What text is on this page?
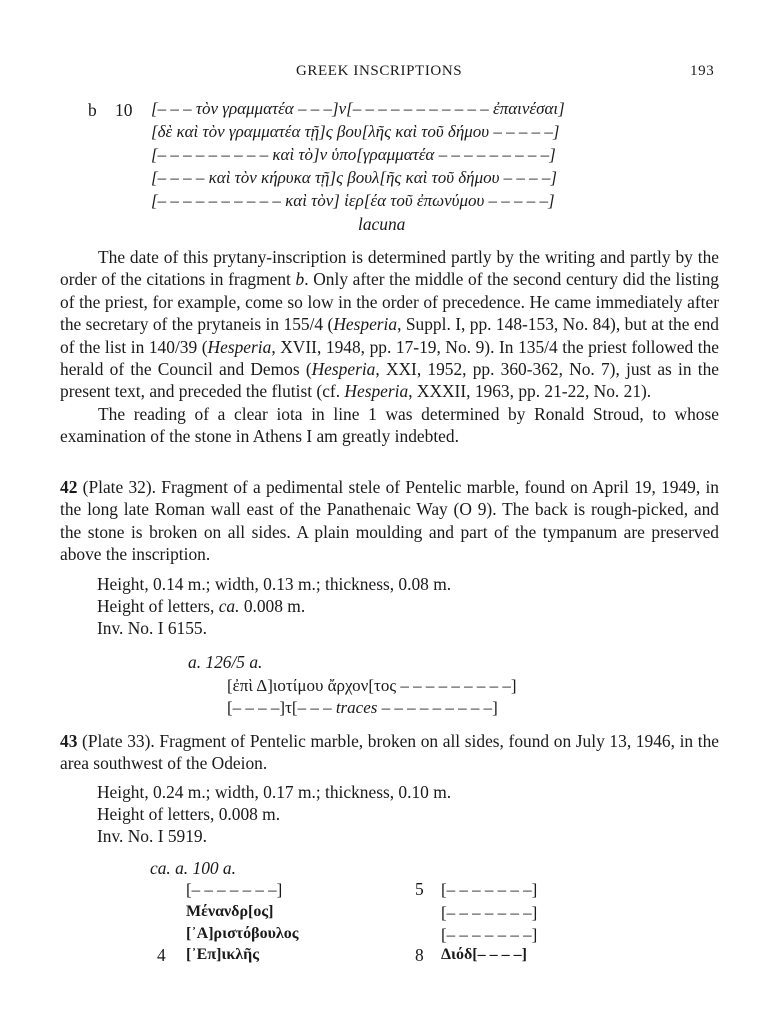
GREEK INSCRIPTIONS	193
b 10 [– – – τὸν γραμματέα – – –]ν[– – – – – – – – – – – ἐπαινέσαι]
[δὲ καὶ τὸν γραμματέα τῇ]ς βου[λῆς καὶ τοῦ δήμου – – – – –]
[– – – – – – – – – καὶ τὸ]ν ὑπο[γραμματέα – – – – – – – – –]
[– – – – καὶ τὸν κήρυκα τῇ]ς βουλ[ῆς καὶ τοῦ δήμου – – – –]
[– – – – – – – – – – καὶ τὸν] ἱερ[έα τοῦ ἐπωνύμου – – – – –]
lacuna

The date of this prytany-inscription is determined partly by the writing and partly by the order of the citations in fragment b. Only after the middle of the second century did the listing of the priest, for example, come so low in the order of precedence. He came immediately after the secretary of the prytaneis in 155/4 (Hesperia, Suppl. I, pp. 148-153, No. 84), but at the end of the list in 140/39 (Hesperia, XVII, 1948, pp. 17-19, No. 9). In 135/4 the priest followed the herald of the Council and Demos (Hesperia, XXI, 1952, pp. 360-362, No. 7), just as in the present text, and preceded the flutist (cf. Hesperia, XXXII, 1963, pp. 21-22, No. 21).

The reading of a clear iota in line 1 was determined by Ronald Stroud, to whose examination of the stone in Athens I am greatly indebted.

42 (Plate 32). Fragment of a pedimental stele of Pentelic marble, found on April 19, 1949, in the long late Roman wall east of the Panathenaic Way (O 9). The back is rough-picked, and the stone is broken on all sides. A plain moulding and part of the tympanum are preserved above the inscription.

Height, 0.14 m.; width, 0.13 m.; thickness, 0.08 m.
Height of letters, ca. 0.008 m.
Inv. No. I 6155.
a. 126/5 a.
[ἐπὶ Δ]ιοτίμου ἄρχον[τος – – – – – – – – –]
[– – – –]τ[– – – traces – – – – – – – – –]

43 (Plate 33). Fragment of Pentelic marble, broken on all sides, found on July 13, 1946, in the area southwest of the Odeion.

Height, 0.24 m.; width, 0.17 m.; thickness, 0.10 m.
Height of letters, 0.008 m.
Inv. No. I 5919.
ca. a. 100 a.
[– – – – – – –]
Μένανδρ[ος]
[᾿Α]ριστόβουλος
4 [᾿Επ]ικλῆς
5 [– – – – – – –]
[– – – – – – –]
[– – – – – – –]
8 Διόδ[– – – –]
